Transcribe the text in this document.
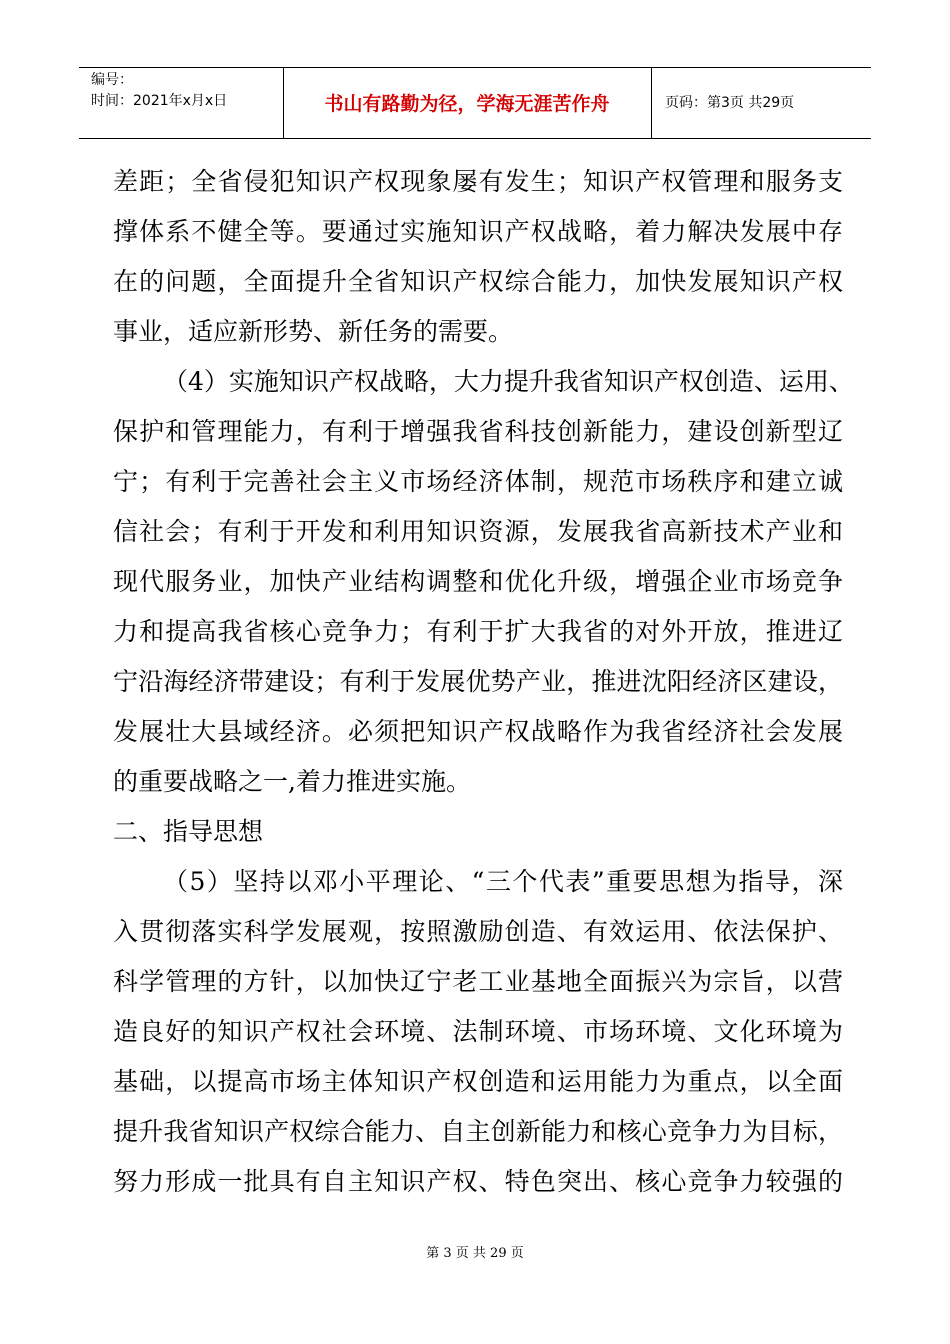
编号：
时间：2021年x月x日	书山有路勤为径，学海无涯苦作舟	页码：第3页 共29页
差距；全省侵犯知识产权现象屡有发生；知识产权管理和服务支
撑体系不健全等。要通过实施知识产权战略，着力解决发展中存
在的问题，全面提升全省知识产权综合能力，加快发展知识产权
事业，适应新形势、新任务的需要。
（4）实施知识产权战略，大力提升我省知识产权创造、运用、
保护和管理能力，有利于增强我省科技创新能力，建设创新型辽
宁；有利于完善社会主义市场经济体制，规范市场秩序和建立诚
信社会；有利于开发和利用知识资源，发展我省高新技术产业和
现代服务业，加快产业结构调整和优化升级，增强企业市场竞争
力和提高我省核心竞争力；有利于扩大我省的对外开放，推进辽
宁沿海经济带建设；有利于发展优势产业，推进沈阳经济区建设，
发展壮大县域经济。必须把知识产权战略作为我省经济社会发展
的重要战略之一,着力推进实施。
二、指导思想
（5）坚持以邓小平理论、“三个代表”重要思想为指导，深
入贯彻落实科学发展观，按照激励创造、有效运用、依法保护、
科学管理的方针，以加快辽宁老工业基地全面振兴为宗旨，以营
造良好的知识产权社会环境、法制环境、市场环境、文化环境为
基础，以提高市场主体知识产权创造和运用能力为重点，以全面
提升我省知识产权综合能力、自主创新能力和核心竞争力为目标，
努力形成一批具有自主知识产权、特色突出、核心竞争力较强的
第 3 页 共 29 页
